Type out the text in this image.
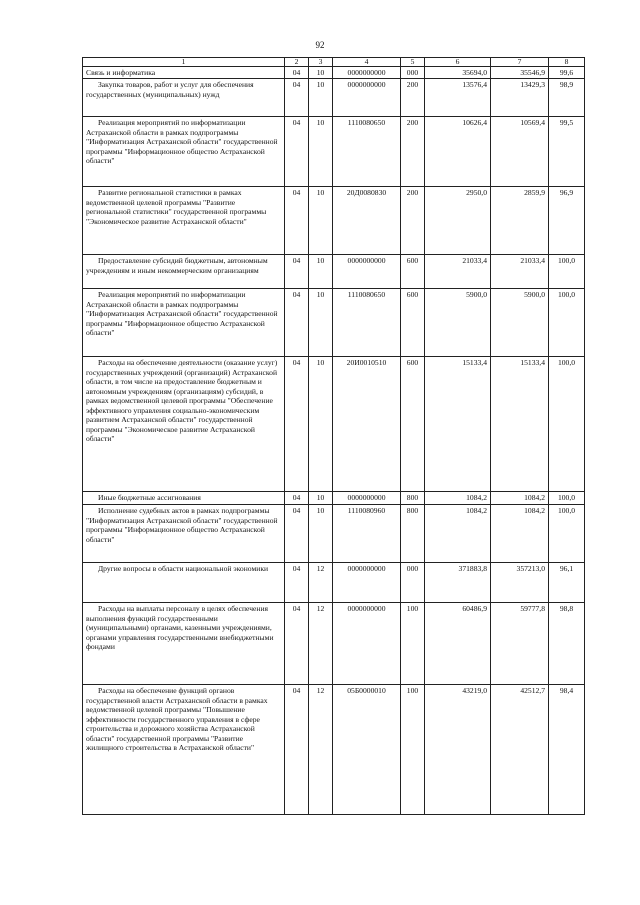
92
1	2	3	4	5	6	7	8
Связь и информатика	04	10	0000000000	000	35694,0	35546,9	99,6
Закупка товаров, работ и услуг для обеспечения государственных (муниципальных) нужд	04	10	0000000000	200	13576,4	13429,3	98,9
Реализация мероприятий по информатизации Астраханской области в рамках подпрограммы "Информатизация Астраханской области" государственной программы "Информационное общество Астраханской области"	04	10	1110080650	200	10626,4	10569,4	99,5
Развитие региональной статистики в рамках ведомственной целевой программы "Развитие региональной статистики" государственной программы "Экономическое развитие Астраханской области"	04	10	20Д0080830	200	2950,0	2859,9	96,9
Предоставление субсидий бюджетным, автономным учреждениям и иным некоммерческим организациям	04	10	0000000000	600	21033,4	21033,4	100,0
Реализация мероприятий по информатизации Астраханской области в рамках подпрограммы "Информатизация Астраханской области" государственной программы "Информационное общество Астраханской области"	04	10	1110080650	600	5900,0	5900,0	100,0
Расходы на обеспечение деятельности (оказание услуг) государственных учреждений (организаций) Астраханской области, в том числе на предоставление бюджетным и автономным учреждениям (организациям) субсидий, в рамках ведомственной целевой программы "Обеспечение эффективного управления социально-экономическим развитием Астраханской области" государственной программы "Экономическое развитие Астраханской области"	04	10	20И0010510	600	15133,4	15133,4	100,0
Иные бюджетные ассигнования	04	10	0000000000	800	1084,2	1084,2	100,0
Исполнение судебных актов в рамках подпрограммы "Информатизация Астраханской области" государственной программы "Информационное общество Астраханской области"	04	10	1110080960	800	1084,2	1084,2	100,0
Другие вопросы в области национальной экономики	04	12	0000000000	000	371883,8	357213,0	96,1
Расходы на выплаты персоналу в целях обеспечения выполнения функций государственными (муниципальными) органами, казенными учреждениями, органами управления государственными внебюджетными фондами	04	12	0000000000	100	60486,9	59777,8	98,8
Расходы на обеспечение функций органов государственной власти Астраханской области в рамках ведомственной целевой программы "Повышение эффективности государственного управления в сфере строительства и дорожного хозяйства Астраханской области" государственной программы "Развитие жилищного строительства в Астраханской области"	04	12	05Б0000010	100	43219,0	42512,7	98,4
